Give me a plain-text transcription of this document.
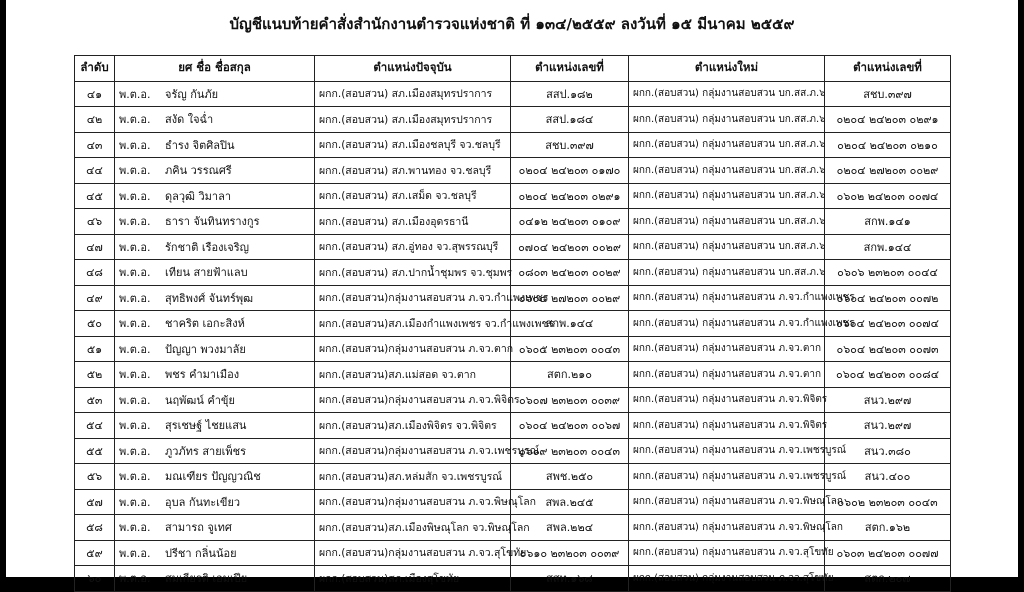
บัญชีแนบท้ายคำสั่งสำนักงานตำรวจแห่งชาติ ที่ ๑๓๔/๒๕๕๙ ลงวันที่ ๑๕ มีนาคม ๒๕๕๙
ลำดับ	ยศ ชื่อ ชื่อสกุล	ตำแหน่งปัจจุบัน	ตำแหน่งเลขที่	ตำแหน่งใหม่	ตำแหน่งเลขที่
๔๑	พ.ต.อ. จรัญ กันภัย	ผกก.(สอบสวน) สภ.เมืองสมุทรปราการ	สสป.๑๘๒	ผกก.(สอบสวน) กลุ่มงานสอบสวน บก.สส.ภ.๖	สชบ.๓๙๗
๔๒	พ.ต.อ. สงัด ใจฉ่ำ	ผกก.(สอบสวน) สภ.เมืองสมุทรปราการ	สสป.๑๘๔	ผกก.(สอบสวน) กลุ่มงานสอบสวน บก.สส.ภ.๖	๐๒๐๔ ๒๔๒๐๓ ๐๒๙๑
๔๓	พ.ต.อ. ธำรง จิตศิลปิน	ผกก.(สอบสวน) สภ.เมืองชลบุรี จว.ชลบุรี	สชบ.๓๙๗	ผกก.(สอบสวน) กลุ่มงานสอบสวน บก.สส.ภ.๖	๐๒๐๔ ๒๔๒๐๓ ๐๒๑๐
๔๔	พ.ต.อ. ภคิน วรรณศรี	ผกก.(สอบสวน) สภ.พานทอง จว.ชลบุรี	๐๒๐๔ ๒๔๒๐๓ ๐๑๗๐	ผกก.(สอบสวน) กลุ่มงานสอบสวน บก.สส.ภ.๖	๐๒๐๔ ๒๗๒๐๓ ๐๐๒๙
๔๕	พ.ต.อ. ดุลวุฒิ วิมาลา	ผกก.(สอบสวน) สภ.เสม็ด จว.ชลบุรี	๐๒๐๔ ๒๔๒๐๓ ๐๒๙๑	ผกก.(สอบสวน) กลุ่มงานสอบสวน บก.สส.ภ.๖	๐๖๐๒ ๒๔๒๐๓ ๐๐๗๔
๔๖	พ.ต.อ. ธารา จันทินทรางกูร	ผกก.(สอบสวน) สภ.เมืองอุดรธานี	๐๔๑๒ ๒๔๒๐๓ ๐๑๐๙	ผกก.(สอบสวน) กลุ่มงานสอบสวน บก.สส.ภ.๖	สกพ.๑๔๑
๔๗	พ.ต.อ. รักชาติ เรืองเจริญ	ผกก.(สอบสวน) สภ.อู่ทอง จว.สุพรรณบุรี	๐๗๐๔ ๒๔๒๐๓ ๐๐๒๙	ผกก.(สอบสวน) กลุ่มงานสอบสวน บก.สส.ภ.๖	สกพ.๑๔๔
๔๘	พ.ต.อ. เทียน สายฟ้าแลบ	ผกก.(สอบสวน) สภ.ปากน้ำชุมพร จว.ชุมพร	๐๘๐๓ ๒๔๒๐๓ ๐๐๒๙	ผกก.(สอบสวน) กลุ่มงานสอบสวน บก.สส.ภ.๖	๐๖๐๖ ๒๓๒๐๓ ๐๐๔๔
๔๙	พ.ต.อ. สุทธิพงศ์ จันทร์พุฒ	ผกก.(สอบสวน)กลุ่มงานสอบสวน ภ.จว.กำแพงเพชร	๐๖๐๔ ๒๗๒๐๓ ๐๐๒๙	ผกก.(สอบสวน) กลุ่มงานสอบสวน ภ.จว.กำแพงเพชร	๐๖๐๔ ๒๔๒๐๓ ๐๐๗๒
๕๐	พ.ต.อ. ชาคริต เอกะสิงห์	ผกก.(สอบสวน)สภ.เมืองกำแพงเพชร จว.กำแพงเพชร	สกพ.๑๔๔	ผกก.(สอบสวน) กลุ่มงานสอบสวน ภ.จว.กำแพงเพชร	๐๖๐๔ ๒๔๒๐๓ ๐๐๗๔
๕๑	พ.ต.อ. ปัญญา พวงมาลัย	ผกก.(สอบสวน)กลุ่มงานสอบสวน ภ.จว.ตาก	๐๖๐๕ ๒๓๒๐๓ ๐๐๔๓	ผกก.(สอบสวน) กลุ่มงานสอบสวน ภ.จว.ตาก	๐๖๐๔ ๒๔๒๐๓ ๐๐๗๓
๕๒	พ.ต.อ. พชร คำมาเมือง	ผกก.(สอบสวน)สภ.แม่สอด จว.ตาก	สตก.๒๑๐	ผกก.(สอบสวน) กลุ่มงานสอบสวน ภ.จว.ตาก	๐๖๐๔ ๒๔๒๐๓ ๐๐๘๔
๕๓	พ.ต.อ. นฤพัฒน์ คำขุ้ย	ผกก.(สอบสวน)กลุ่มงานสอบสวน ภ.จว.พิจิตร	๐๖๐๗ ๒๓๒๐๓ ๐๐๓๙	ผกก.(สอบสวน) กลุ่มงานสอบสวน ภ.จว.พิจิตร	สนว.๒๙๗
๕๔	พ.ต.อ. สุรเชษฐ์ ไชยแสน	ผกก.(สอบสวน)สภ.เมืองพิจิตร จว.พิจิตร	๐๖๐๔ ๒๔๒๐๓ ๐๐๖๗	ผกก.(สอบสวน) กลุ่มงานสอบสวน ภ.จว.พิจิตร	สนว.๒๙๗
๕๕	พ.ต.อ. ภูวภัทร สายเพ็ชร	ผกก.(สอบสวน)กลุ่มงานสอบสวน ภ.จว.เพชรบูรณ์	๐๖๐๙ ๒๓๒๐๓ ๐๐๔๓	ผกก.(สอบสวน) กลุ่มงานสอบสวน ภ.จว.เพชรบูรณ์	สนว.๓๘๐
๕๖	พ.ต.อ. มณเฑียร ปัญญวณิช	ผกก.(สอบสวน)สภ.หล่มสัก จว.เพชรบูรณ์	สพช.๒๕๐	ผกก.(สอบสวน) กลุ่มงานสอบสวน ภ.จว.เพชรบูรณ์	สนว.๔๐๐
๕๗	พ.ต.อ. อุบล กันทะเขียว	ผกก.(สอบสวน)กลุ่มงานสอบสวน ภ.จว.พิษณุโลก	สพล.๒๔๕	ผกก.(สอบสวน) กลุ่มงานสอบสวน ภ.จว.พิษณุโลก	๐๖๐๒ ๒๓๒๐๓ ๐๐๔๓
๕๘	พ.ต.อ. สามารถ จูเทศ	ผกก.(สอบสวน)สภ.เมืองพิษณุโลก จว.พิษณุโลก	สพล.๒๒๔	ผกก.(สอบสวน) กลุ่มงานสอบสวน ภ.จว.พิษณุโลก	สตก.๑๖๒
๕๙	พ.ต.อ. ปรีชา กลิ่นน้อย	ผกก.(สอบสวน)กลุ่มงานสอบสวน ภ.จว.สุโขทัย	๐๖๑๐ ๒๓๒๐๓ ๐๐๓๙	ผกก.(สอบสวน) กลุ่มงานสอบสวน ภ.จว.สุโขทัย	๐๖๐๓ ๒๔๒๐๓ ๐๐๗๗
๖๐	พ.ต.อ. สมเกียรติ เอมเปีย	ผกก.(สอบสวน)สภ.เมืองสุโขทัย	สสท.๑๖๘	ผกก.(สอบสวน) กลุ่มงานสอบสวน ภ.จว.สุโขทัย	สตก.๒๐๗
